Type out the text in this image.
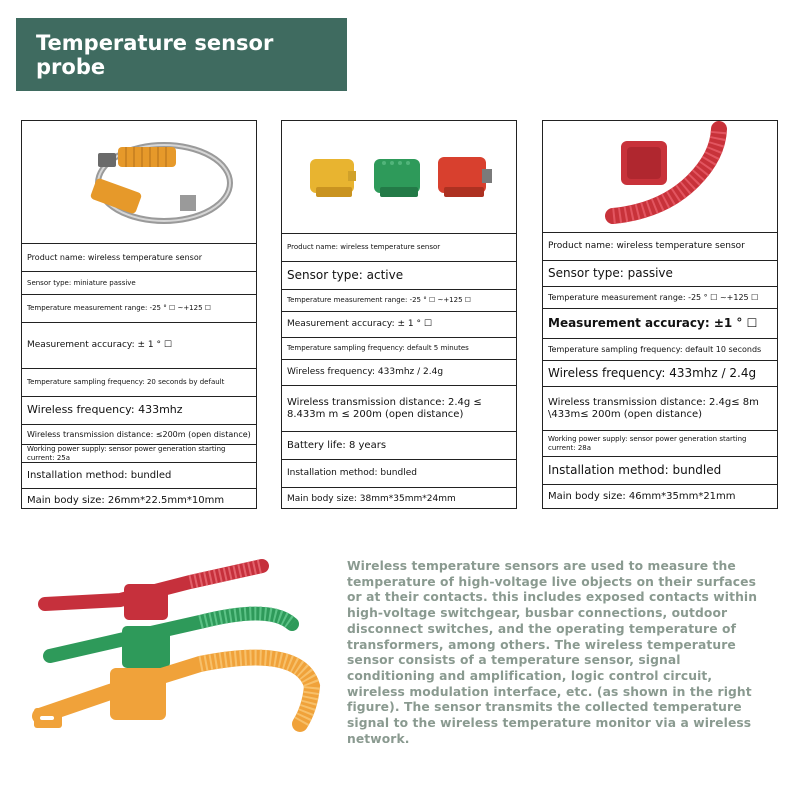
Temperature sensor probe
Product name: wireless temperature sensor
Sensor type: miniature passive
Temperature measurement range: -25 ° ☐ ~+125 ☐
Measurement accuracy: ± 1 ° ☐
Temperature sampling frequency: 20 seconds by default
Wireless frequency: 433mhz
Wireless transmission distance: ≤200m (open distance)
Working power supply: sensor power generation starting current: 25a
Installation method: bundled
Main body size: 26mm*22.5mm*10mm
Product name: wireless temperature sensor
Sensor type: active
Temperature measurement range: -25 ° ☐ ~+125 ☐
Measurement accuracy: ± 1 ° ☐
Temperature sampling frequency: default 5 minutes
Wireless frequency: 433mhz / 2.4g
Wireless transmission distance: 2.4g ≤ 8.433m m ≤ 200m (open distance)
Battery life: 8 years
Installation method: bundled
Main body size: 38mm*35mm*24mm
Product name: wireless temperature sensor
Sensor type: passive
Temperature measurement range: -25 ° ☐ ~+125 ☐
Measurement accuracy: ±1 ° ☐
Temperature sampling frequency: default 10 seconds
Wireless frequency: 433mhz / 2.4g
Wireless transmission distance: 2.4g≤ 8m \433m≤ 200m (open distance)
Working power supply: sensor power generation starting current: 28a
Installation method: bundled
Main body size: 46mm*35mm*21mm
Wireless temperature sensors are used to measure the temperature of high-voltage live objects on their surfaces or at their contacts. this includes exposed contacts within high-voltage switchgear, busbar connections, outdoor disconnect switches, and the operating temperature of transformers, among others. The wireless temperature sensor consists of a temperature sensor, signal conditioning and amplification, logic control circuit, wireless modulation interface, etc. (as shown in the right figure). The sensor transmits the collected temperature signal to the wireless temperature monitor via a wireless network.
